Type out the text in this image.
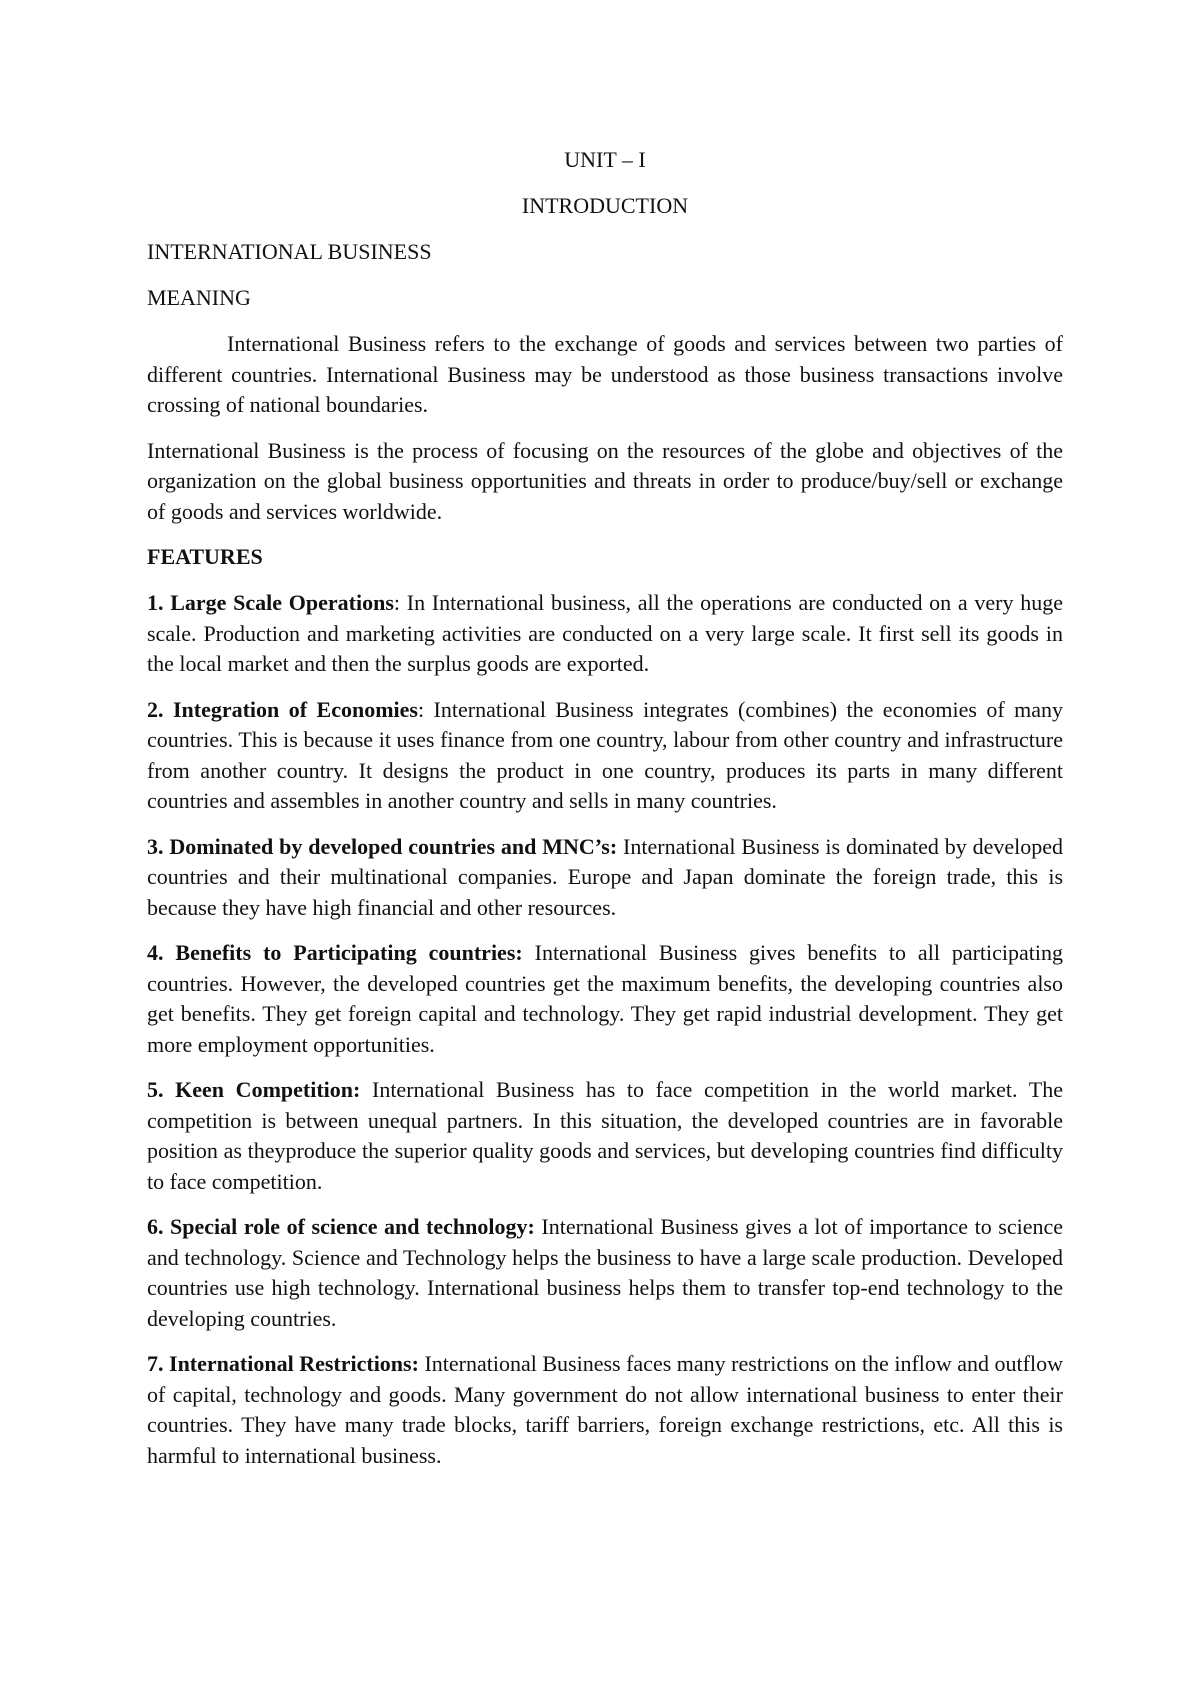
UNIT – I
INTRODUCTION
INTERNATIONAL BUSINESS
MEANING

International Business refers to the exchange of goods and services between two parties of different countries. International Business may be understood as those business transactions involve crossing of national boundaries.

International Business is the process of focusing on the resources of the globe and objectives of the organization on the global business opportunities and threats in order to produce/buy/sell or exchange of goods and services worldwide.

FEATURES

1. Large Scale Operations: In International business, all the operations are conducted on a very huge scale. Production and marketing activities are conducted on a very large scale. It first sell its goods in the local market and then the surplus goods are exported.

2. Integration of Economies: International Business integrates (combines) the economies of many countries. This is because it uses finance from one country, labour from other country and infrastructure from another country. It designs the product in one country, produces its parts in many different countries and assembles in another country and sells in many countries.

3. Dominated by developed countries and MNC’s: International Business is dominated by developed countries and their multinational companies. Europe and Japan dominate the foreign trade, this is because they have high financial and other resources.

4. Benefits to Participating countries: International Business gives benefits to all participating countries. However, the developed countries get the maximum benefits, the developing countries also get benefits. They get foreign capital and technology. They get rapid industrial development. They get more employment opportunities.

5. Keen Competition: International Business has to face competition in the world market. The competition is between unequal partners. In this situation, the developed countries are in favorable position as theyproduce the superior quality goods and services, but developing countries find difficulty to face competition.

6. Special role of science and technology: International Business gives a lot of importance to science and technology. Science and Technology helps the business to have a large scale production. Developed countries use high technology. International business helps them to transfer top-end technology to the developing countries.

7. International Restrictions: International Business faces many restrictions on the inflow and outflow of capital, technology and goods. Many government do not allow international business to enter their countries. They have many trade blocks, tariff barriers, foreign exchange restrictions, etc. All this is harmful to international business.
